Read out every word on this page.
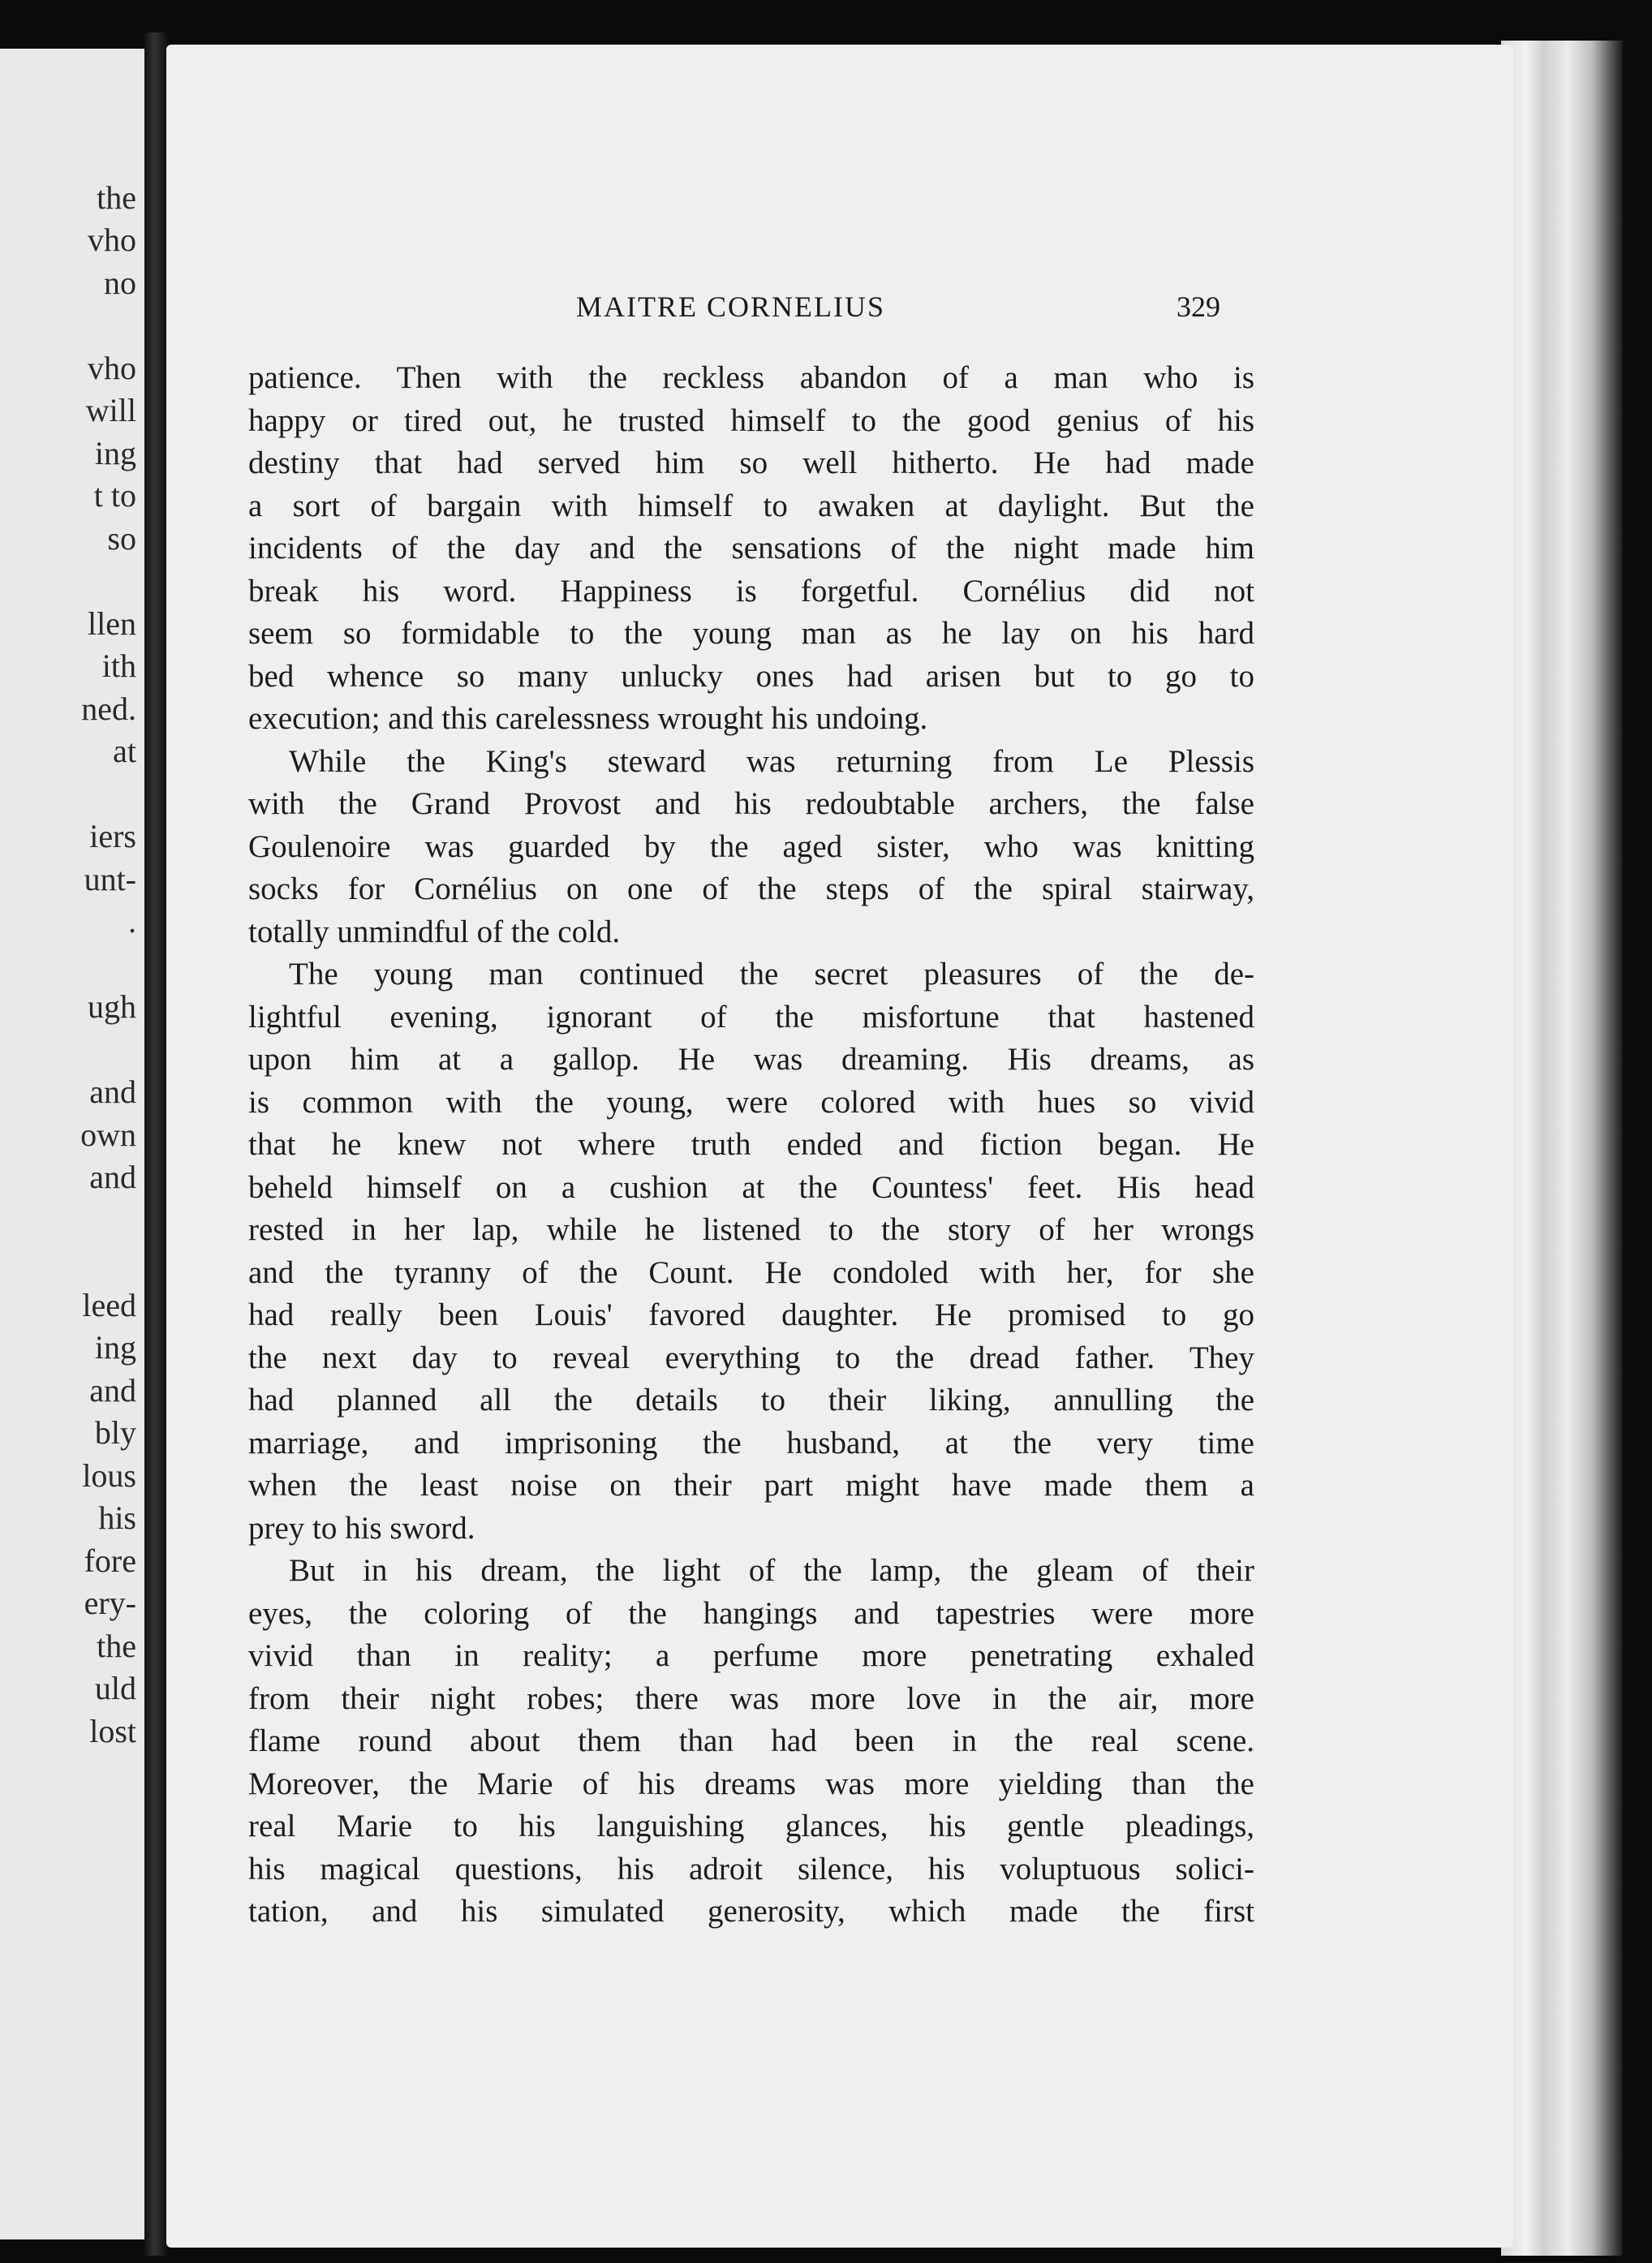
the
vho
no
vho
will
ing
t to
so
llen
ith
ned.
at
iers
unt-
.
ugh
and
own
and
leed
ing
and
bly
lous
his
fore
ery-
the
uld
lost
MAITRE CORNELIUS	329
patience. Then with the reckless abandon of a man who is
happy or tired out, he trusted himself to the good genius of his
destiny that had served him so well hitherto. He had made
a sort of bargain with himself to awaken at daylight. But the
incidents of the day and the sensations of the night made him
break his word. Happiness is forgetful. Cornélius did not
seem so formidable to the young man as he lay on his hard
bed whence so many unlucky ones had arisen but to go to
execution; and this carelessness wrought his undoing.
While the King's steward was returning from Le Plessis
with the Grand Provost and his redoubtable archers, the false
Goulenoire was guarded by the aged sister, who was knitting
socks for Cornélius on one of the steps of the spiral stairway,
totally unmindful of the cold.
The young man continued the secret pleasures of the de-
lightful evening, ignorant of the misfortune that hastened
upon him at a gallop. He was dreaming. His dreams, as
is common with the young, were colored with hues so vivid
that he knew not where truth ended and fiction began. He
beheld himself on a cushion at the Countess' feet. His head
rested in her lap, while he listened to the story of her wrongs
and the tyranny of the Count. He condoled with her, for she
had really been Louis' favored daughter. He promised to go
the next day to reveal everything to the dread father. They
had planned all the details to their liking, annulling the
marriage, and imprisoning the husband, at the very time
when the least noise on their part might have made them a
prey to his sword.
But in his dream, the light of the lamp, the gleam of their
eyes, the coloring of the hangings and tapestries were more
vivid than in reality; a perfume more penetrating exhaled
from their night robes; there was more love in the air, more
flame round about them than had been in the real scene.
Moreover, the Marie of his dreams was more yielding than the
real Marie to his languishing glances, his gentle pleadings,
his magical questions, his adroit silence, his voluptuous solici-
tation, and his simulated generosity, which made the first
